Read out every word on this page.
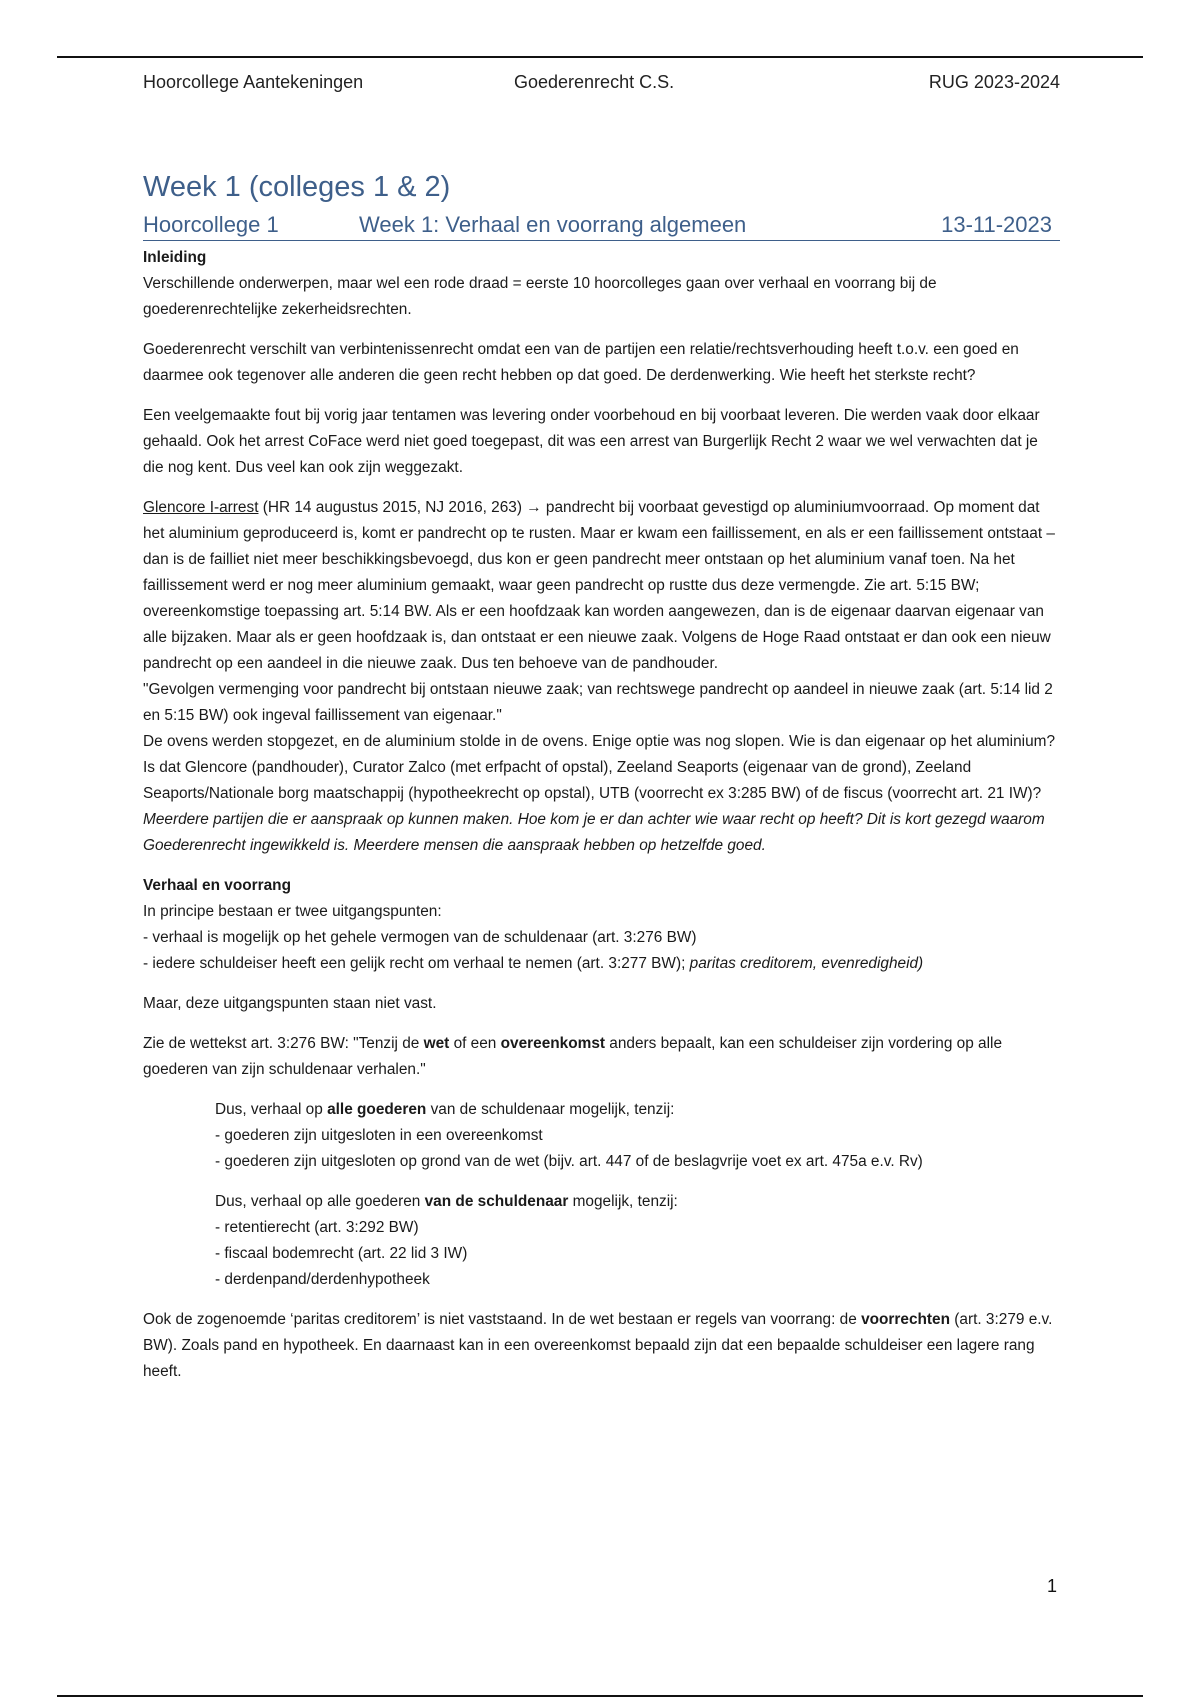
Hoorcollege Aantekeningen	Goederenrecht C.S.	RUG 2023-2024
Week 1 (colleges 1 & 2)
Hoorcollege 1	Week 1: Verhaal en voorrang algemeen	13-11-2023
Inleiding

Verschillende onderwerpen, maar wel een rode draad = eerste 10 hoorcolleges gaan over verhaal en voorrang bij de goederenrechtelijke zekerheidsrechten.

Goederenrecht verschilt van verbintenissenrecht omdat een van de partijen een relatie/rechtsverhouding heeft t.o.v. een goed en daarmee ook tegenover alle anderen die geen recht hebben op dat goed. De derdenwerking. Wie heeft het sterkste recht?

Een veelgemaakte fout bij vorig jaar tentamen was levering onder voorbehoud en bij voorbaat leveren. Die werden vaak door elkaar gehaald. Ook het arrest CoFace werd niet goed toegepast, dit was een arrest van Burgerlijk Recht 2 waar we wel verwachten dat je die nog kent. Dus veel kan ook zijn weggezakt.

Glencore I-arrest (HR 14 augustus 2015, NJ 2016, 263) → pandrecht bij voorbaat gevestigd op aluminiumvoorraad. Op moment dat het aluminium geproduceerd is, komt er pandrecht op te rusten. Maar er kwam een faillissement, en als er een faillissement ontstaat – dan is de failliet niet meer beschikkingsbevoegd, dus kon er geen pandrecht meer ontstaan op het aluminium vanaf toen. Na het faillissement werd er nog meer aluminium gemaakt, waar geen pandrecht op rustte dus deze vermengde. Zie art. 5:15 BW; overeenkomstige toepassing art. 5:14 BW. Als er een hoofdzaak kan worden aangewezen, dan is de eigenaar daarvan eigenaar van alle bijzaken. Maar als er geen hoofdzaak is, dan ontstaat er een nieuwe zaak. Volgens de Hoge Raad ontstaat er dan ook een nieuw pandrecht op een aandeel in die nieuwe zaak. Dus ten behoeve van de pandhouder.

"Gevolgen vermenging voor pandrecht bij ontstaan nieuwe zaak; van rechtswege pandrecht op aandeel in nieuwe zaak (art. 5:14 lid 2 en 5:15 BW) ook ingeval faillissement van eigenaar."

De ovens werden stopgezet, en de aluminium stolde in de ovens. Enige optie was nog slopen. Wie is dan eigenaar op het aluminium? Is dat Glencore (pandhouder), Curator Zalco (met erfpacht of opstal), Zeeland Seaports (eigenaar van de grond), Zeeland Seaports/Nationale borg maatschappij (hypotheekrecht op opstal), UTB (voorrecht ex 3:285 BW) of de fiscus (voorrecht art. 21 IW)? Meerdere partijen die er aanspraak op kunnen maken. Hoe kom je er dan achter wie waar recht op heeft? Dit is kort gezegd waarom Goederenrecht ingewikkeld is. Meerdere mensen die aanspraak hebben op hetzelfde goed.

Verhaal en voorrang
In principe bestaan er twee uitgangspunten:
- verhaal is mogelijk op het gehele vermogen van de schuldenaar (art. 3:276 BW)

- iedere schuldeiser heeft een gelijk recht om verhaal te nemen (art. 3:277 BW); paritas creditorem, evenredigheid)

Maar, deze uitgangspunten staan niet vast.

Zie de wettekst art. 3:276 BW: "Tenzij de wet of een overeenkomst anders bepaalt, kan een schuldeiser zijn vordering op alle goederen van zijn schuldenaar verhalen."

Dus, verhaal op alle goederen van de schuldenaar mogelijk, tenzij:
- goederen zijn uitgesloten in een overeenkomst

- goederen zijn uitgesloten op grond van de wet (bijv. art. 447 of de beslagvrije voet ex art. 475a e.v. Rv)

Dus, verhaal op alle goederen van de schuldenaar mogelijk, tenzij:
- retentierecht (art. 3:292 BW)
- fiscaal bodemrecht (art. 22 lid 3 IW)

- derdenpand/derdenhypotheek

Ook de zogenoemde ‘paritas creditorem’ is niet vaststaand. In de wet bestaan er regels van voorrang: de voorrechten (art. 3:279 e.v. BW). Zoals pand en hypotheek. En daarnaast kan in een overeenkomst bepaald zijn dat een bepaalde schuldeiser een lagere rang heeft.

1
